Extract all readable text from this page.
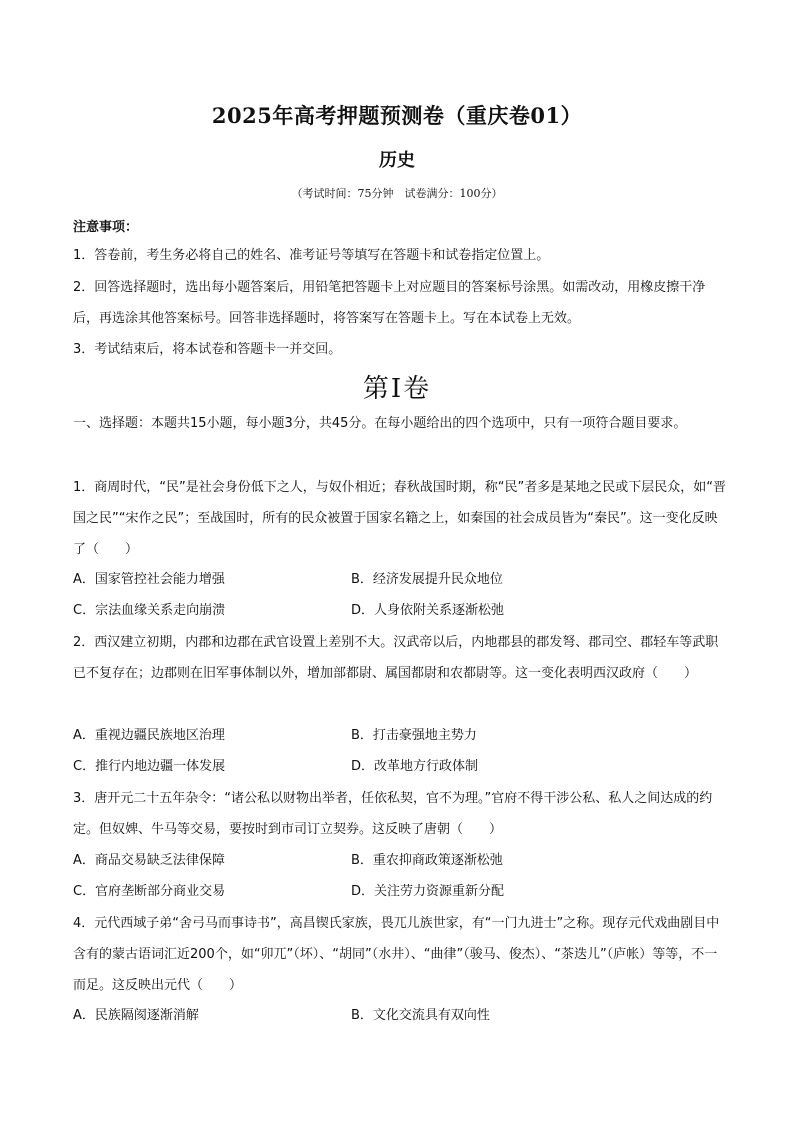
2025年高考押题预测卷（重庆卷01）
历史
（考试时间：75分钟　试卷满分：100分）
注意事项：
1．答卷前，考生务必将自己的姓名、准考证号等填写在答题卡和试卷指定位置上。
2．回答选择题时，选出每小题答案后，用铅笔把答题卡上对应题目的答案标号涂黑。如需改动，用橡皮擦干净后，再选涂其他答案标号。回答非选择题时，将答案写在答题卡上。写在本试卷上无效。
3．考试结束后，将本试卷和答题卡一并交回。
第Ⅰ卷
一、选择题：本题共15小题，每小题3分，共45分。在每小题给出的四个选项中，只有一项符合题目要求。
1．商周时代，“民”是社会身份低下之人，与奴仆相近；春秋战国时期，称“民”者多是某地之民或下层民众，如“晋国之民”“宋作之民”；至战国时，所有的民众被置于国家名籍之上，如秦国的社会成员皆为“秦民”。这一变化反映了（　　）
A．国家管控社会能力增强	B．经济发展提升民众地位
C．宗法血缘关系走向崩溃	D．人身依附关系逐渐松弛
2．西汉建立初期，内郡和边郡在武官设置上差别不大。汉武帝以后，内地郡县的郡发弩、郡司空、郡轻车等武职已不复存在；边郡则在旧军事体制以外，增加部都尉、属国都尉和农都尉等。这一变化表明西汉政府（　　）
A．重视边疆民族地区治理	B．打击豪强地主势力
C．推行内地边疆一体发展	D．改革地方行政体制
3．唐开元二十五年杂令：“诸公私以财物出举者，任依私契，官不为理。”官府不得干涉公私、私人之间达成的约定。但奴婢、牛马等交易，要按时到市司订立契券。这反映了唐朝（　　）
A．商品交易缺乏法律保障	B．重农抑商政策逐渐松弛
C．官府垄断部分商业交易	D．关注劳力资源重新分配
4．元代西域子弟“舍弓马而事诗书”，高昌锲氏家族，畏兀儿族世家，有“一门九进士”之称。现存元代戏曲剧目中含有的蒙古语词汇近200个，如“卯兀”（坏）、“胡同”（水井）、“曲律”（骏马、俊杰）、“茶迭儿”（庐帐）等等，不一而足。这反映出元代（　　）
A．民族隔阂逐渐消解	B．文化交流具有双向性
